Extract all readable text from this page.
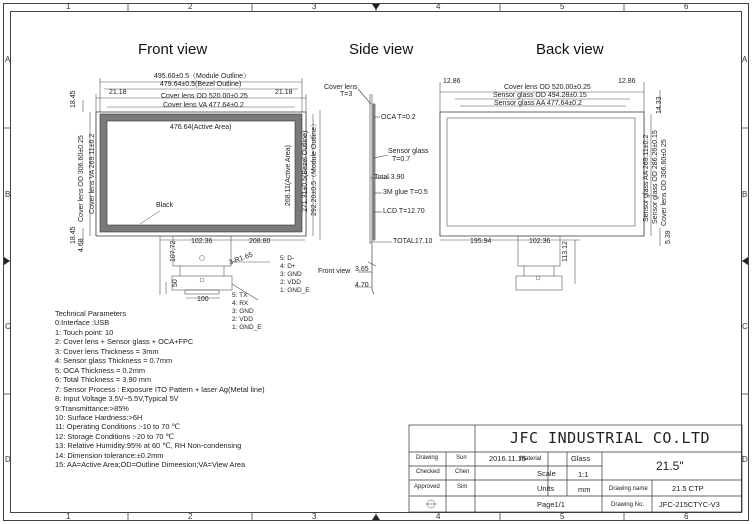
1	2	3	4	5	6
1	2	3	4	5	6
A
B
C
D
A
B
C
D
Front view	Side view	Back view
495.60±0.5（Module Outline）
479.64±0.5(Bezel Outline)
21.18	21.18
Cover lens OD 520.00±0.25
Cover lens VA 477.64±0.2
476.64(Active Area)
18.45
18.45
4.68
Cover lens OD 306.60±0.25 Cover lens VA 269.11±0.2	268.11(Active Area) 271.31±0.5(Bezel Outline) 292.20±0.5（Module Outline）
Black
102.36	208.80
107.72
100
50
3-R1.65	5: D-
4: D+
3: GND
2: VDD
1: GND_E
5: TX
4: RX
3: GND
2: VDD
1: GND_E
Cover lens
T=3
OCA T=0.2
Sensor glass
T=0.7
Total 3.90
3M glue T=0.5
LCD T=12.70
TOTAL17.10
Front view 3.65
4.70
12.86	12.86
Cover lens OD 520.00±0.25
Sensor glass OD 494.28±0.15
Sensor glass AA 477.64±0.2	14.33
Sensor glass AA 269.11±0.2 Sensor glass OD 286.26±0.15 Cover lens OD 306.60±0.25
5.39
195.94	102.36 113.12
Technical Parameters
0:Interface :USB
1: Touch point: 10
2: Cover lens + Sensor glass + OCA+FPC
3: Cover lens Thickness = 3mm
4: Sensor glass Thickness = 0.7mm
5: OCA Thickness = 0.2mm
6: Total Thickness = 3.90 mm
7: Sensor Process : Exposure ITO Pattern + laser Ag(Metal line)
8: Input Voltage 3.5V~5.5V,Typical 5V
9:Transmittance:>85%
10: Surface Hardness:>6H
11: Operating Conditions :-10 to 70 ℃
12: Storage Conditions :-20 to 70 ℃
13: Relative Humidity:95% at 60 ℃, RH Non-condensing
14: Dimension tolerance:±0.2mm
15: AA=Active Area;OD=Outline Dimeesion;VA=View Area
JFC INDUSTRIAL CO.LTD
Drawing	Sun
Checked	Chen
Approved	Sim
2016.11.15
Material	Glass
Scale	1:1
Units	mm
21.5"
Drawing name	21.5 CTP
Drawing No. JFC-215CTYC-V3
Page1/1
